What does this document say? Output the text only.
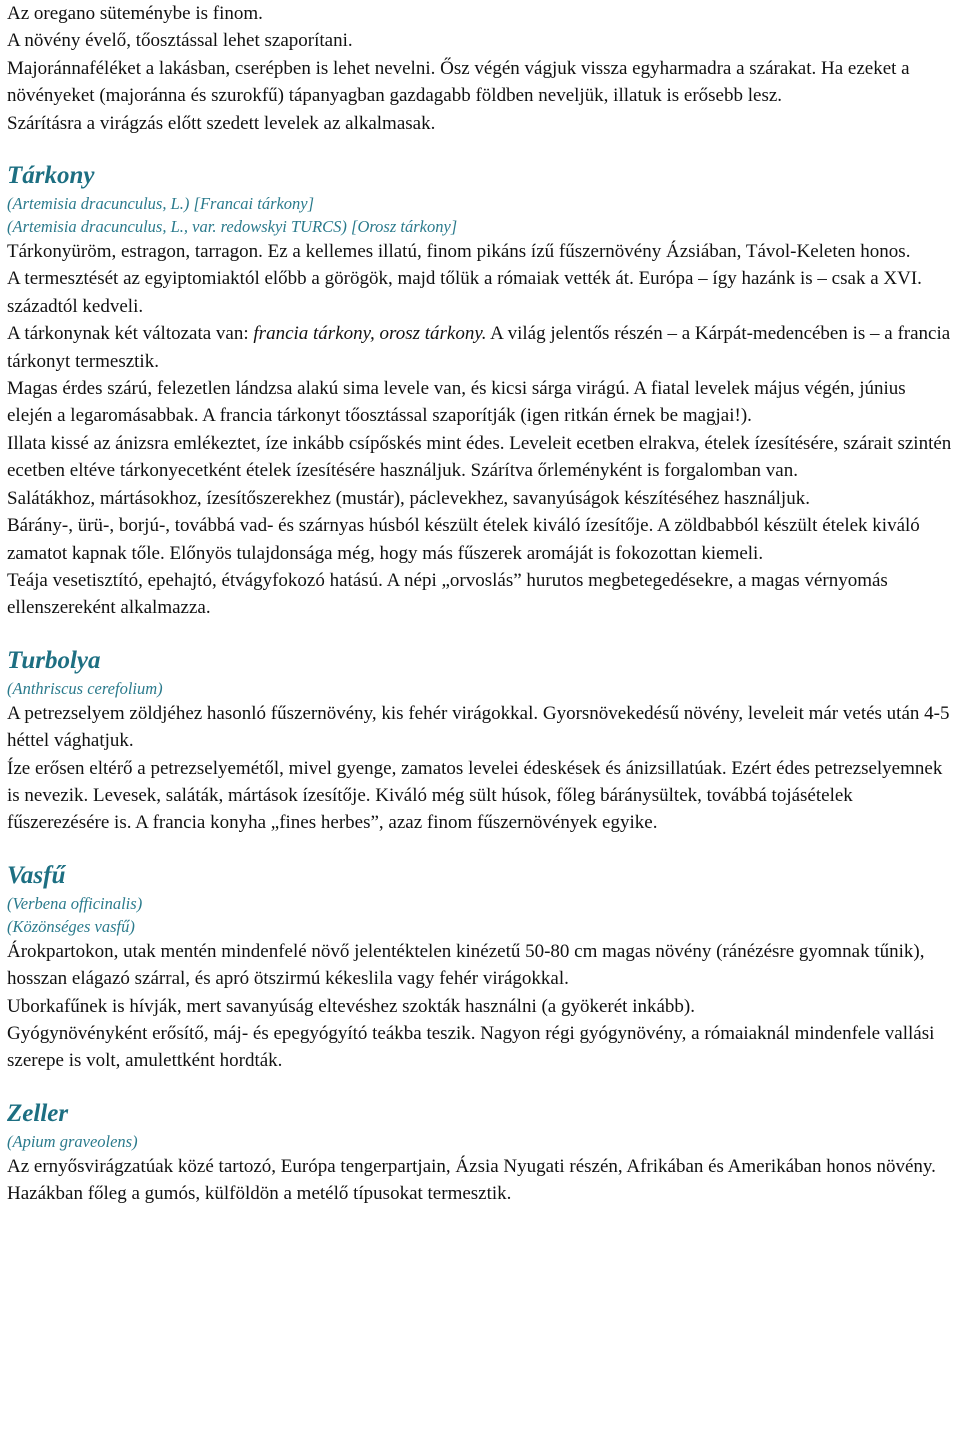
Az oregano süteménybe is finom.

A növény évelő, tőosztással lehet szaporítani.

Majoránnaféléket a lakásban, cserépben is lehet nevelni. Ősz végén vágjuk vissza egyharmadra a szárakat. Ha ezeket a növényeket (majoránna és szurokfű) tápanyagban gazdagabb földben neveljük, illatuk is erősebb lesz.

Szárításra a virágzás előtt szedett levelek az alkalmasak.

Tárkony

(Artemisia dracunculus, L.) [Francai tárkony]

(Artemisia dracunculus, L., var. redowskyi TURCS) [Orosz tárkony]

Tárkonyüröm, estragon, tarragon. Ez a kellemes illatú, finom pikáns ízű fűszernövény Ázsiában, Távol-Keleten honos.

A termesztését az egyiptomiaktól előbb a görögök, majd tőlük a rómaiak vették át. Európa – így hazánk is – csak a XVI. századtól kedveli.

A tárkonynak két változata van: francia tárkony, orosz tárkony. A világ jelentős részén – a Kárpát-medencében is – a francia tárkonyt termesztik.

Magas érdes szárú, felezetlen lándzsa alakú sima levele van, és kicsi sárga virágú. A fiatal levelek május végén, június elején a legaromásabbak. A francia tárkonyt tőosztással szaporítják (igen ritkán érnek be magjai!).

Illata kissé az ánizsra emlékeztet, íze inkább csípőskés mint édes. Leveleit ecetben elrakva, ételek ízesítésére, szárait szintén ecetben eltéve tárkonyecetként ételek ízesítésére használjuk. Szárítva őrleményként is forgalomban van.

Salátákhoz, mártásokhoz, ízesítőszerekhez (mustár), páclevekhez, savanyúságok készítéséhez használjuk.

Bárány-, ürü-, borjú-, továbbá vad- és szárnyas húsból készült ételek kiváló ízesítője. A zöldbabból készült ételek kiváló zamatot kapnak tőle. Előnyös tulajdonsága még, hogy más fűszerek aromáját is fokozottan kiemeli.

Teája vesetisztító, epehajtó, étvágyfokozó hatású. A népi „orvoslás” hurutos megbetegedésekre, a magas vérnyomás ellenszereként alkalmazza.

Turbolya

(Anthriscus cerefolium)

A petrezselyem zöldjéhez hasonló fűszernövény, kis fehér virágokkal. Gyorsnövekedésű növény, leveleit már vetés után 4-5 héttel vághatjuk.

Íze erősen eltérő a petrezselyemétől, mivel gyenge, zamatos levelei édeskések és ánizsillatúak. Ezért édes petrezselyemnek is nevezik. Levesek, saláták, mártások ízesítője. Kiváló még sült húsok, főleg báránysültek, továbbá tojásételek fűszerezésére is. A francia konyha „fines herbes”, azaz finom fűszernövények egyike.

Vasfű

(Verbena officinalis)

(Közönséges vasfű)

Árokpartokon, utak mentén mindenfelé növő jelentéktelen kinézetű 50-80 cm magas növény (ránézésre gyomnak tűnik), hosszan elágazó szárral, és apró ötszirmú kékeslila vagy fehér virágokkal.

Uborkafűnek is hívják, mert savanyúság eltevéshez szokták használni (a gyökerét inkább).

Gyógynövényként erősítő, máj- és epegyógyító teákba teszik. Nagyon régi gyógynövény, a rómaiaknál mindenfele vallási szerepe is volt, amulettként hordták.

Zeller

(Apium graveolens)

Az ernyősvirágzatúak közé tartozó, Európa tengerpartjain, Ázsia Nyugati részén, Afrikában és Amerikában honos növény. Hazákban főleg a gumós, külföldön a metélő típusokat termesztik.
